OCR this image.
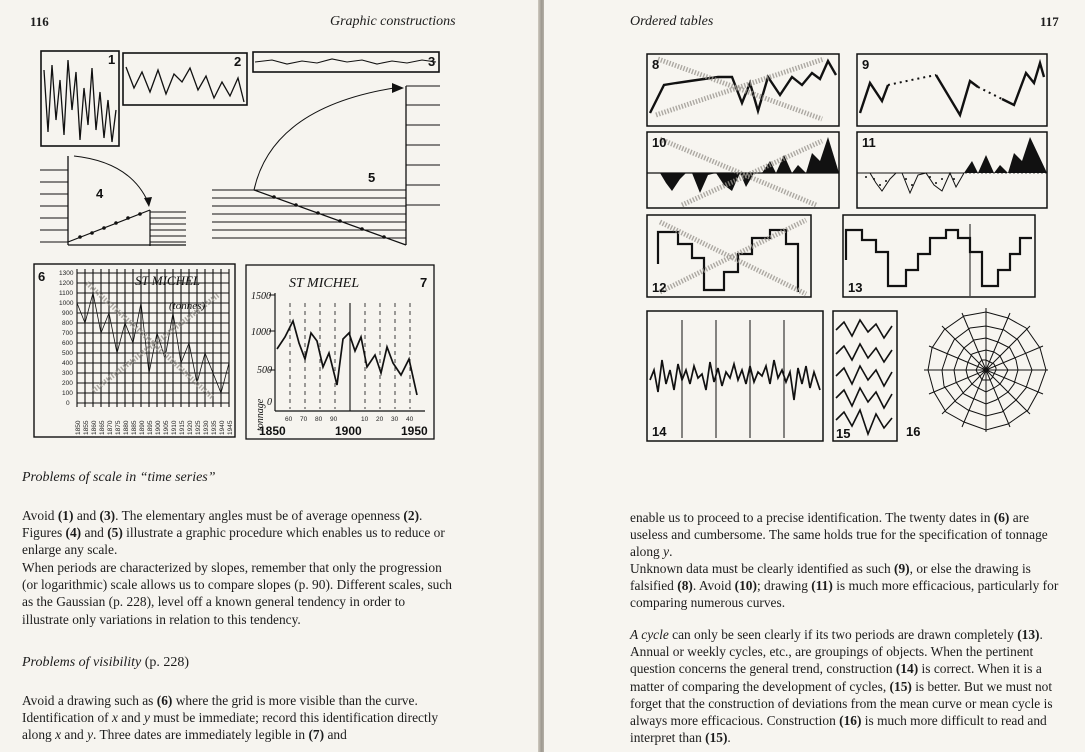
116	Graphic constructions
1	2	3
4
5
6 1300
1200
1100
1000
900
800
700
600
500
400
300
200
100
0
ST MICHEL
(tonnes)
1850 1855 1860 1865 1870 1875 1880 1885 1890 1895 1900 1905 1910 1915 1920 1925 1930 1935 1940 1945
ST MICHEL	7
1500
1000
500
0
tonnage	60 70 80 90	10 20 30 40
1850	1900	1950
Problems of scale in “time series”
Avoid (1) and (3). The elementary angles must be of average openness (2). Figures (4) and (5) illustrate a graphic procedure which enables us to reduce or enlarge any scale.
When periods are characterized by slopes, remember that only the progression (or logarithmic) scale allows us to compare slopes (p. 90). Different scales, such as the Gaussian (p. 228), level off a known general tendency in order to illustrate only variations in relation to this tendency.
Problems of visibility (p. 228)
Avoid a drawing such as (6) where the grid is more visible than the curve. Identification of x and y must be immediate; record this identification directly along x and y. Three dates are immediately legible in (7) and
Ordered tables	117
8	9
10	11
12	13
14	15	16
enable us to proceed to a precise identification. The twenty dates in (6) are useless and cumbersome. The same holds true for the specification of tonnage along y.
Unknown data must be clearly identified as such (9), or else the drawing is falsified (8). Avoid (10); drawing (11) is much more efficacious, particularly for comparing numerous curves.
A cycle can only be seen clearly if its two periods are drawn completely (13). Annual or weekly cycles, etc., are groupings of objects. When the pertinent question concerns the general trend, construction (14) is correct. When it is a matter of comparing the development of cycles, (15) is better. But we must not forget that the construction of deviations from the mean curve or mean cycle is always more efficacious. Construction (16) is much more difficult to read and interpret than (15).
